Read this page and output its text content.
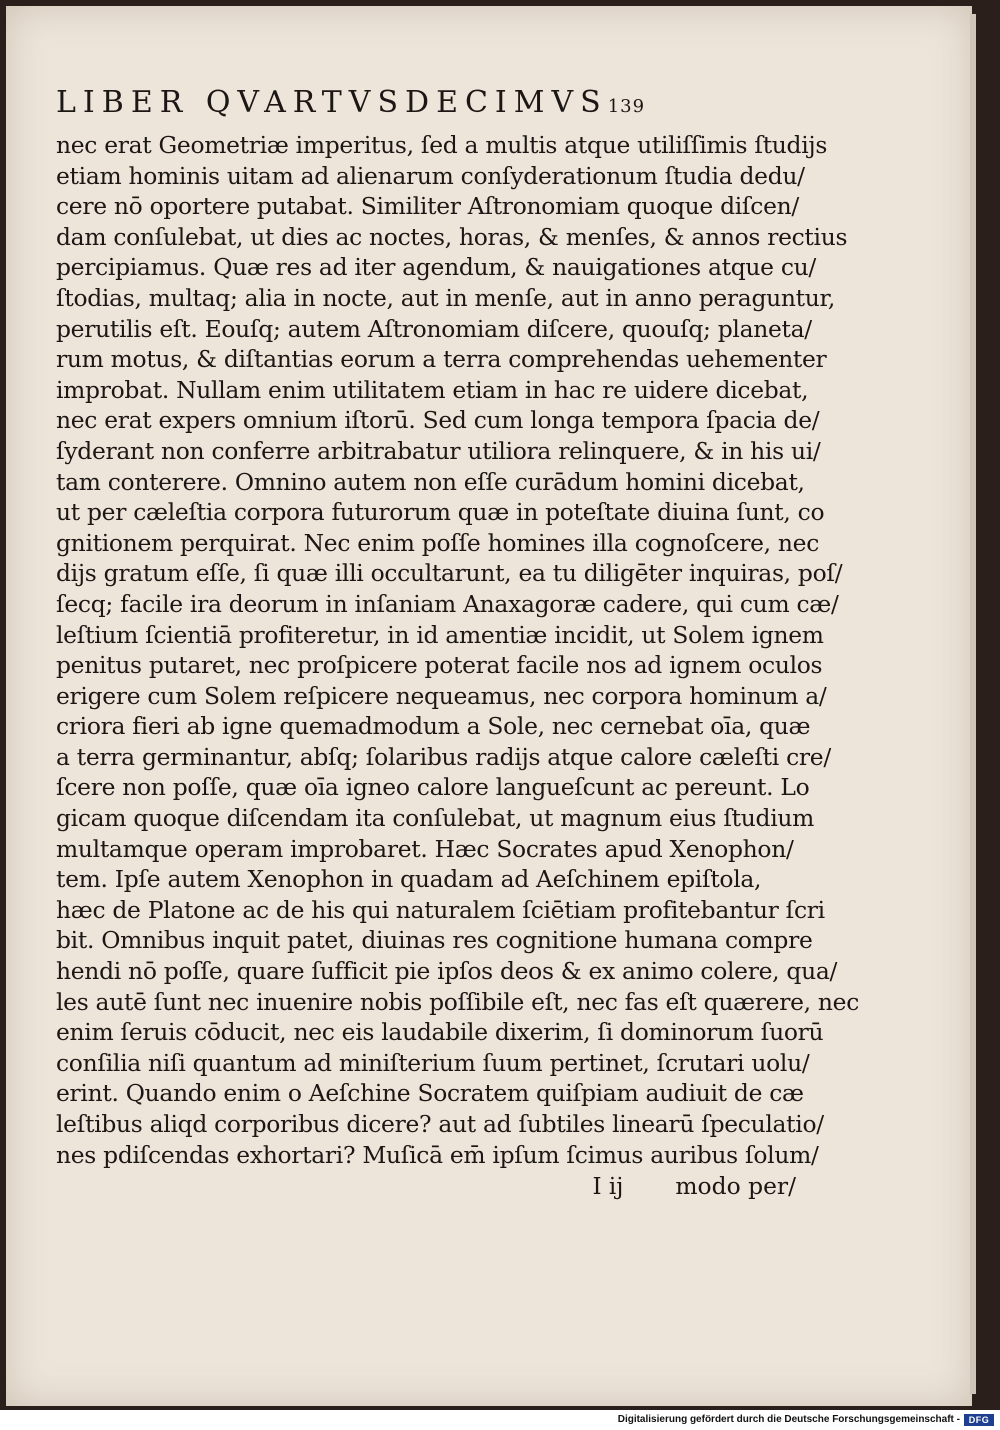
LIBER QVARTVSDECIMVS139
nec erat Geometriæ imperitus, ſed a multis atque utiliſſimis ſtudijs
etiam hominis uitam ad alienarum conſyderationum ſtudia dedu/
cere nō oportere putabat. Similiter Aſtronomiam quoque diſcen/
dam conſulebat, ut dies ac noctes, horas, & menſes, & annos rectius
percipiamus. Quæ res ad iter agendum, & nauigationes atque cu/
ſtodias, multaq; alia in nocte, aut in menſe, aut in anno peraguntur,
perutilis eſt. Eouſq; autem Aſtronomiam diſcere, quouſq; planeta/
rum motus, & diſtantias eorum a terra comprehendas uehementer
improbat. Nullam enim utilitatem etiam in hac re uidere dicebat,
nec erat expers omnium iſtorū. Sed cum longa tempora ſpacia de/
ſyderant non conferre arbitrabatur utiliora relinquere, & in his ui/
tam conterere. Omnino autem non eſſe curādum homini dicebat,
ut per cæleſtia corpora futurorum quæ in poteſtate diuina ſunt, co
gnitionem perquirat. Nec enim poſſe homines illa cognoſcere, nec
dijs gratum eſſe, ſi quæ illi occultarunt, ea tu diligēter inquiras, poſ/
ſecq; facile ira deorum in inſaniam Anaxagoræ cadere, qui cum cæ/
leſtium ſcientiā profiteretur, in id amentiæ incidit, ut Solem ignem
penitus putaret, nec proſpicere poterat facile nos ad ignem oculos
erigere cum Solem reſpicere nequeamus, nec corpora hominum a/
criora fieri ab igne quemadmodum a Sole, nec cernebat oīa, quæ
a terra germinantur, abſq; ſolaribus radijs atque calore cæleſti cre/
ſcere non poſſe, quæ oīa igneo calore langueſcunt ac pereunt. Lo
gicam quoque diſcendam ita conſulebat, ut magnum eius ſtudium
multamque operam improbaret. Hæc Socrates apud Xenophon/
tem. Ipſe autem Xenophon in quadam ad Aeſchinem epiſtola,
hæc de Platone ac de his qui naturalem ſciētiam profitebantur ſcri
bit. Omnibus inquit patet, diuinas res cognitione humana compre
hendi nō poſſe, quare ſufficit pie ipſos deos & ex animo colere, qua/
les autē ſunt nec inuenire nobis poſſibile eſt, nec fas eſt quærere, nec
enim ſeruis cōducit, nec eis laudabile dixerim, ſi dominorum ſuorū
conſilia niſi quantum ad miniſterium ſuum pertinet, ſcrutari uolu/
erint. Quando enim o Aeſchine Socratem quiſpiam audiuit de cæ
leſtibus aliqd corporibus dicere? aut ad ſubtiles linearū ſpeculatio/
nes pdiſcendas exhortari? Muſicā em̄ ipſum ſcimus auribus ſolum/
I ij modo per/
Digitalisierung gefördert durch die Deutsche Forschungsgemeinschaft - DFG
